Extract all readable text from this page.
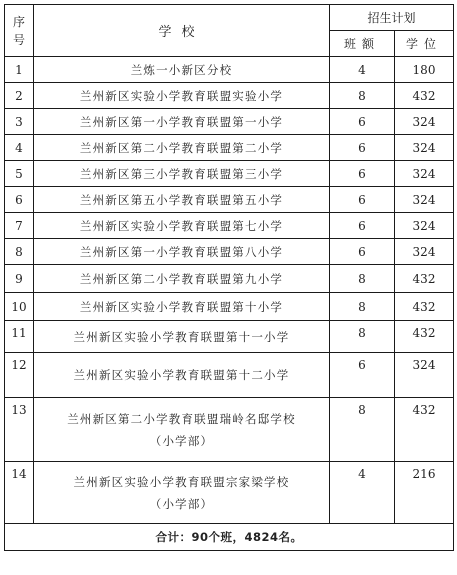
序
号	学校	招生计划	
		班额	学位
1	兰炼一小新区分校	4	180
2	兰州新区实验小学教育联盟实验小学	8	432
3	兰州新区第一小学教育联盟第一小学	6	324
4	兰州新区第二小学教育联盟第二小学	6	324
5	兰州新区第三小学教育联盟第三小学	6	324
6	兰州新区第五小学教育联盟第五小学	6	324
7	兰州新区实验小学教育联盟第七小学	6	324
8	兰州新区第一小学教育联盟第八小学	6	324
9	兰州新区第二小学教育联盟第九小学	8	432
10	兰州新区实验小学教育联盟第十小学	8	432
11	兰州新区实验小学教育联盟第十一小学	8	432
12	兰州新区实验小学教育联盟第十二小学	6	324
13	兰州新区第二小学教育联盟瑞岭名邸学校
（小学部）	8	432
14	兰州新区实验小学教育联盟宗家梁学校
（小学部）	4	216
合计：90个班，4824名。			
